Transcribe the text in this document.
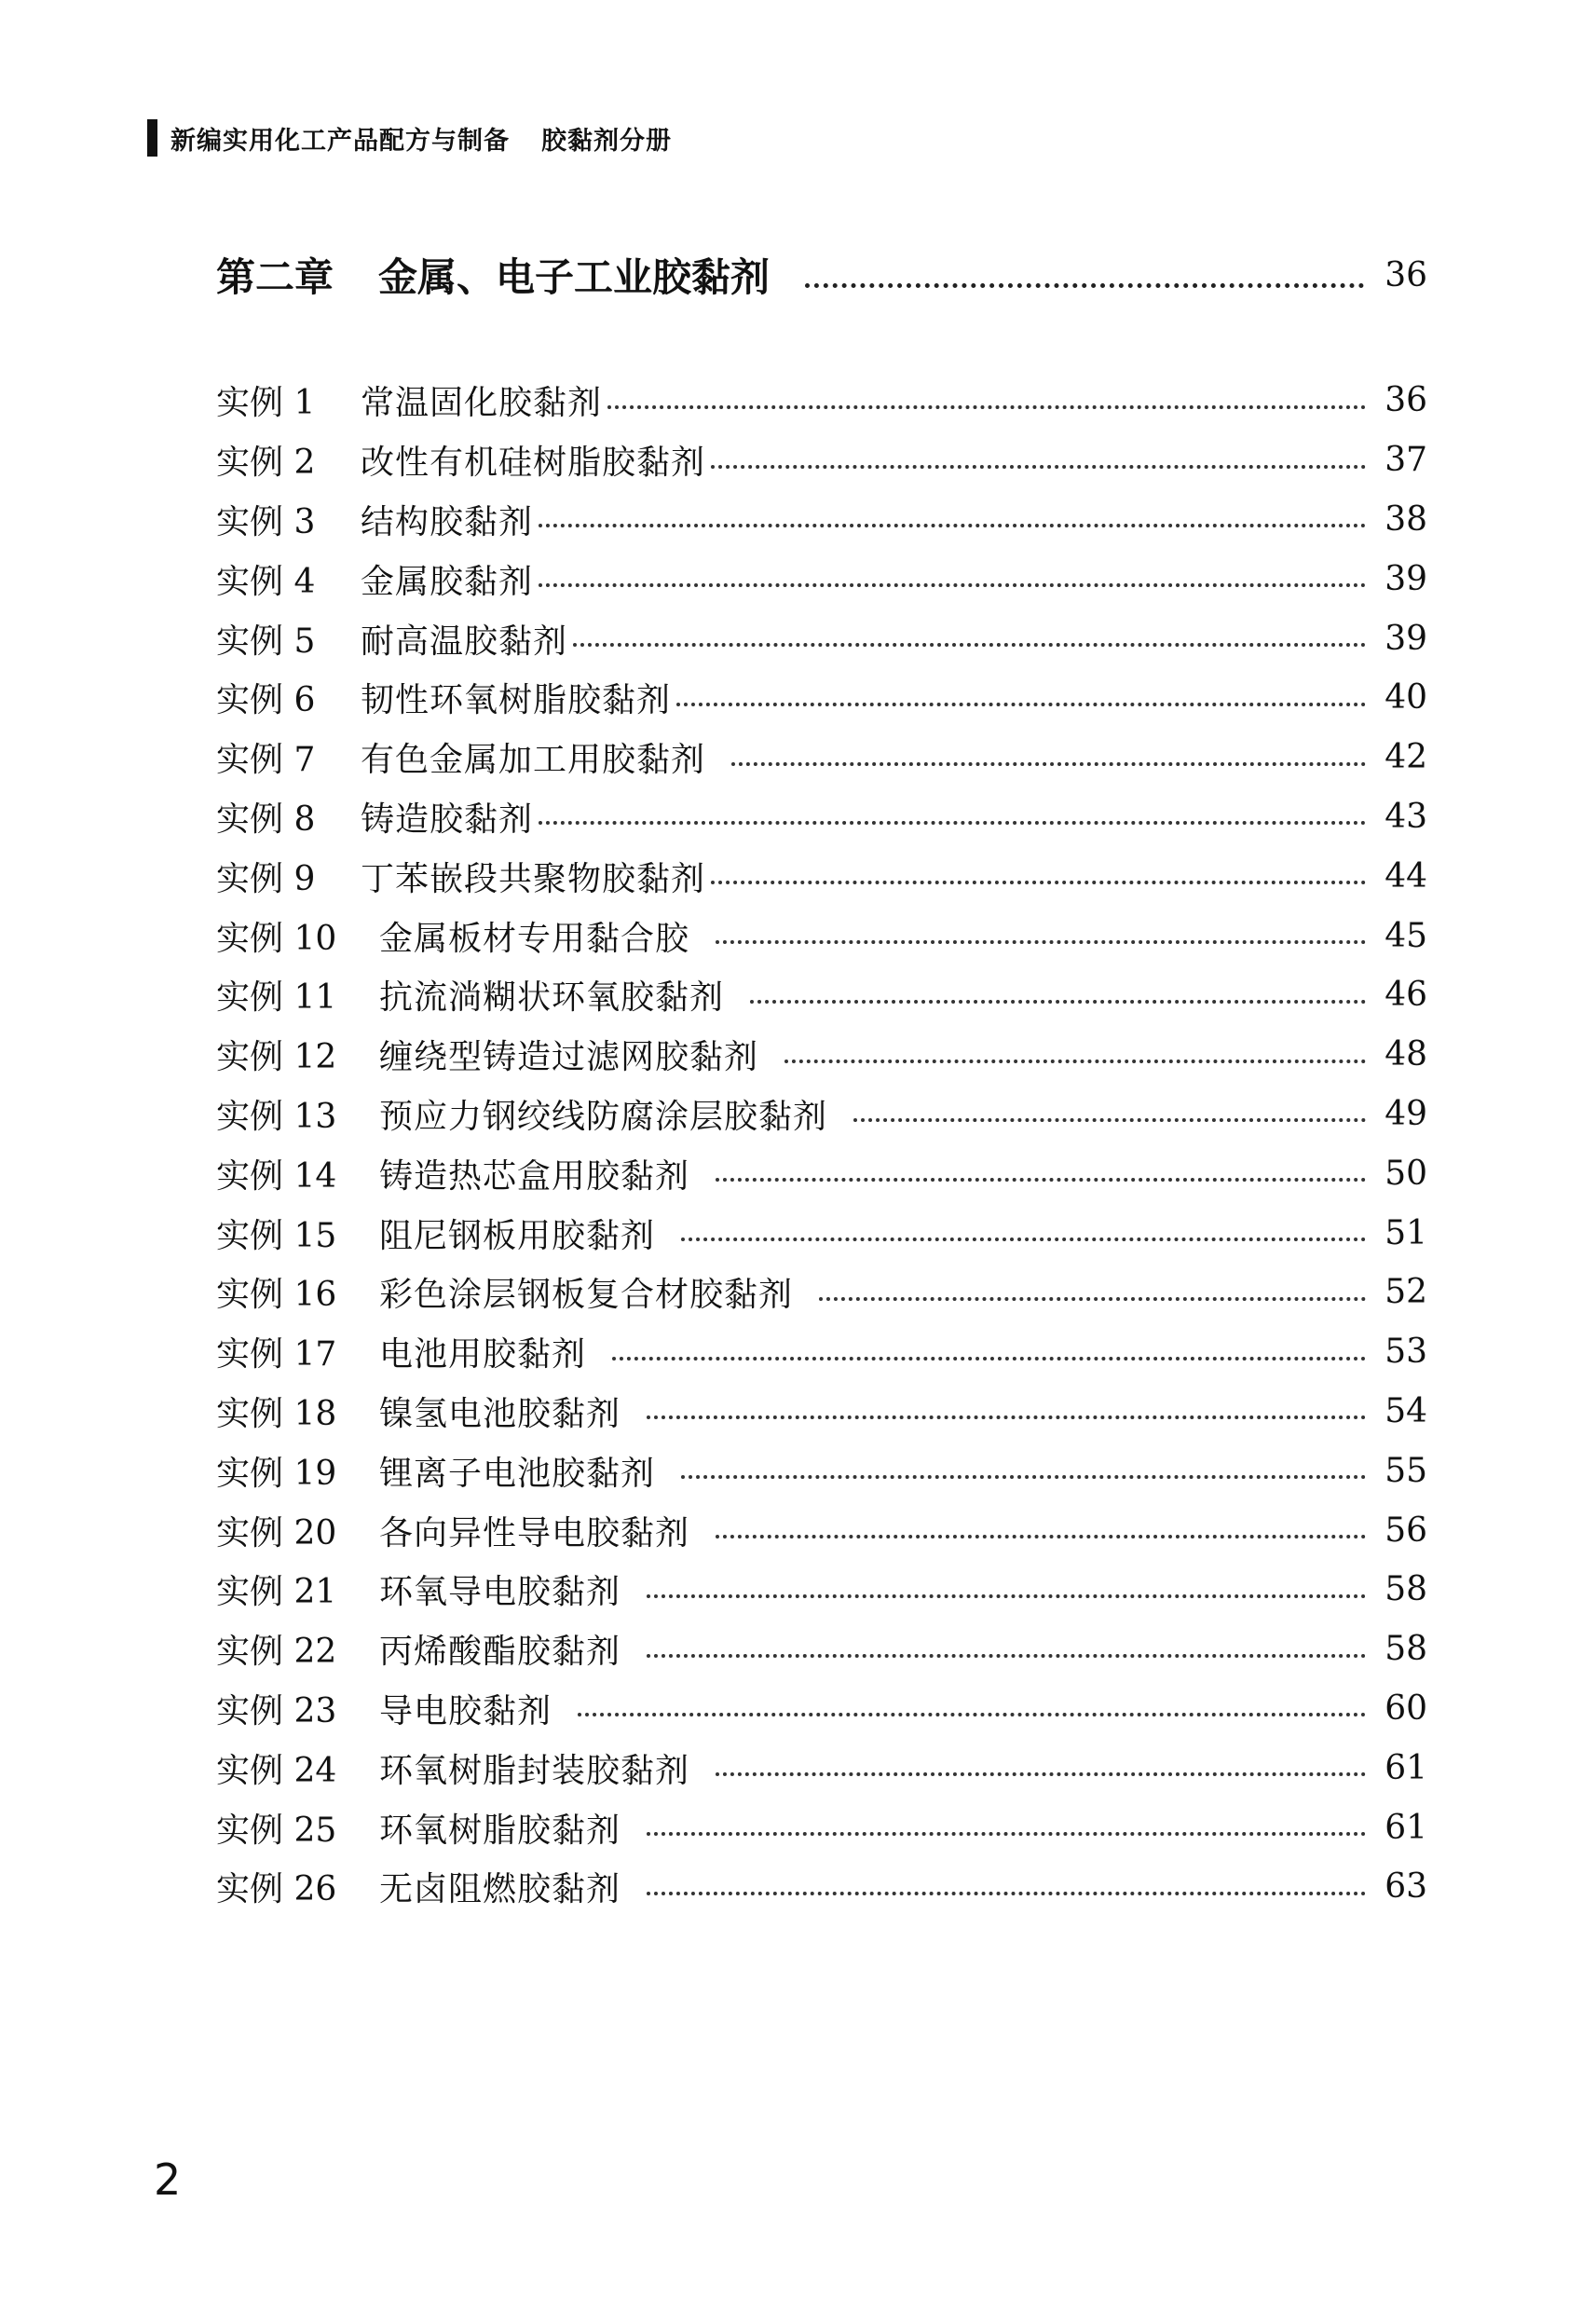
新编实用化工产品配方与制备 胶黏剂分册
第二章 金属、电子工业胶黏剂	36
实例 1	常温固化胶黏剂	36
实例 2	改性有机硅树脂胶黏剂	37
实例 3	结构胶黏剂	38
实例 4	金属胶黏剂	39
实例 5	耐高温胶黏剂	39
实例 6	韧性环氧树脂胶黏剂	40
实例 7	有色金属加工用胶黏剂	42
实例 8	铸造胶黏剂	43
实例 9	丁苯嵌段共聚物胶黏剂	44
实例 10	金属板材专用黏合胶	45
实例 11	抗流淌糊状环氧胶黏剂	46
实例 12	缠绕型铸造过滤网胶黏剂	48
实例 13	预应力钢绞线防腐涂层胶黏剂	49
实例 14	铸造热芯盒用胶黏剂	50
实例 15	阻尼钢板用胶黏剂	51
实例 16	彩色涂层钢板复合材胶黏剂	52
实例 17	电池用胶黏剂	53
实例 18	镍氢电池胶黏剂	54
实例 19	锂离子电池胶黏剂	55
实例 20	各向异性导电胶黏剂	56
实例 21	环氧导电胶黏剂	58
实例 22	丙烯酸酯胶黏剂	58
实例 23	导电胶黏剂	60
实例 24	环氧树脂封装胶黏剂	61
实例 25	环氧树脂胶黏剂	61
实例 26	无卤阻燃胶黏剂	63
2
